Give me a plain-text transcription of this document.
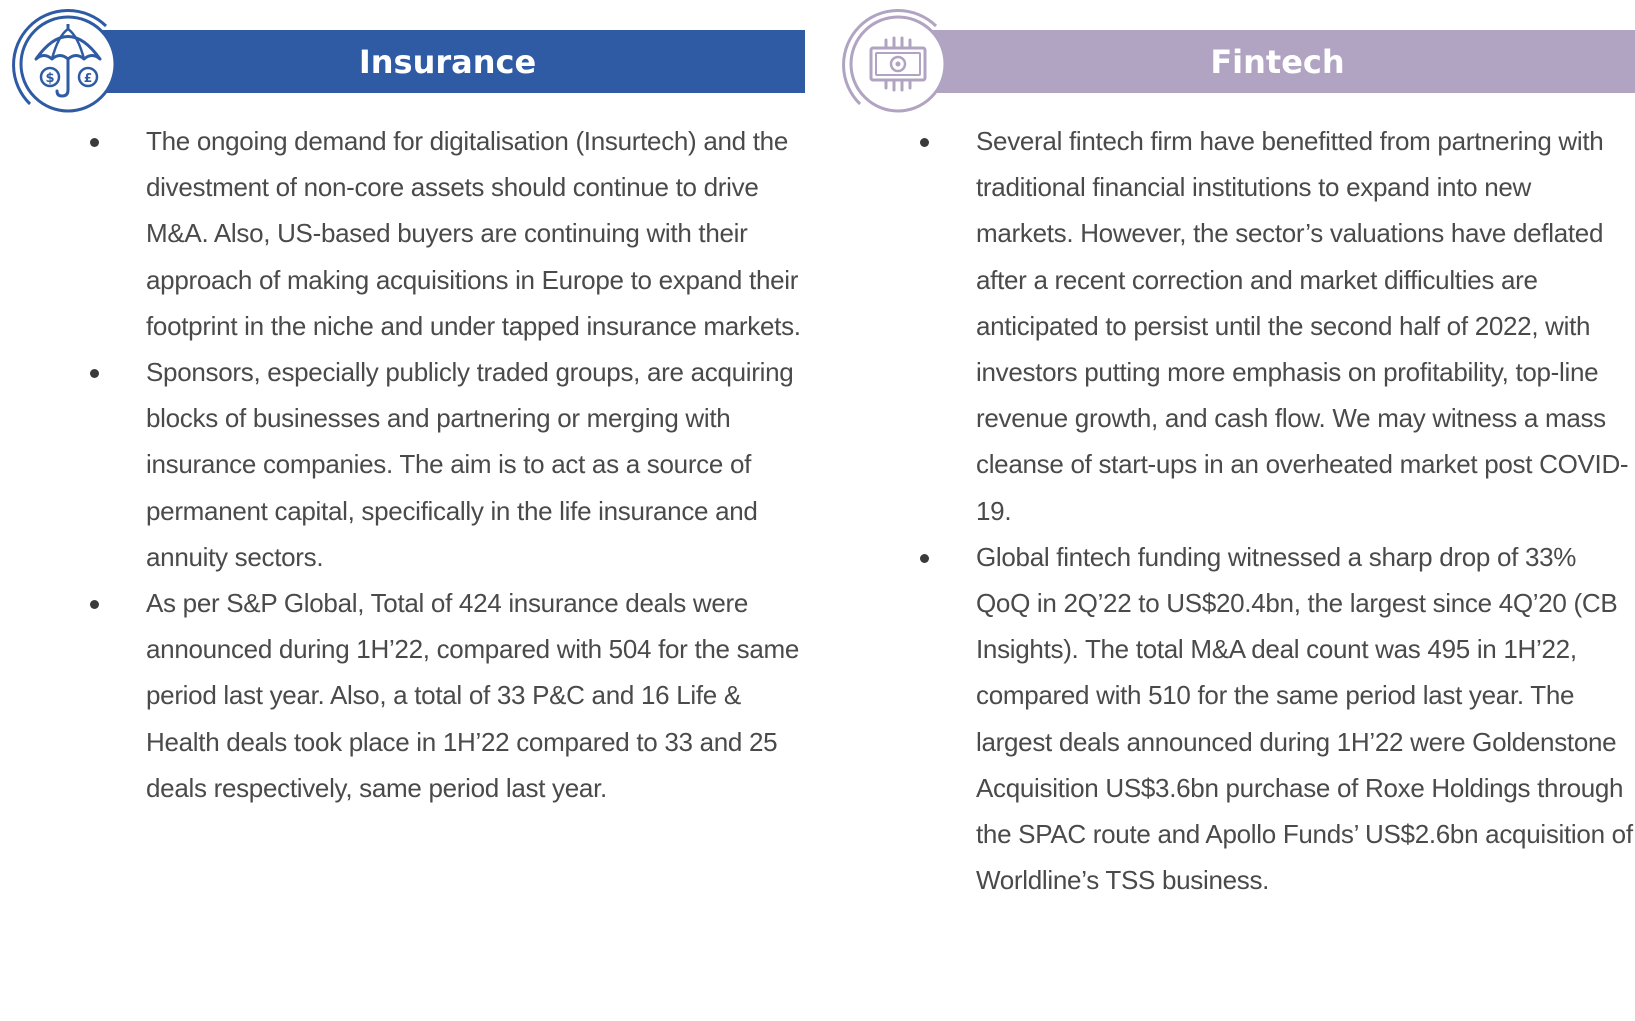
Insurance
$ £
The ongoing demand for digitalisation (Insurtech) and the divestment of non-core assets should continue to drive M&A. Also, US-based buyers are continuing with their approach of making acquisitions in Europe to expand their footprint in the niche and under tapped insurance markets.
Sponsors, especially publicly traded groups, are acquiring blocks of businesses and partnering or merging with insurance companies. The aim is to act as a source of permanent capital, specifically in the life insurance and annuity sectors.
As per S&P Global, Total of 424 insurance deals were announced during 1H’22, compared with 504 for the same period last year. Also, a total of 33 P&C and 16 Life & Health deals took place in 1H’22 compared to 33 and 25 deals respectively, same period last year.
Fintech
Several fintech firm have benefitted from partnering with traditional financial institutions to expand into new markets. However, the sector’s valuations have deflated after a recent correction and market difficulties are anticipated to persist until the second half of 2022, with investors putting more emphasis on profitability, top-line revenue growth, and cash flow. We may witness a mass cleanse of start-ups in an overheated market post COVID-19.
Global fintech funding witnessed a sharp drop of 33% QoQ in 2Q’22 to US$20.4bn, the largest since 4Q’20 (CB Insights). The total M&A deal count was 495 in 1H’22, compared with 510 for the same period last year. The largest deals announced during 1H’22 were Goldenstone Acquisition US$3.6bn purchase of Roxe Holdings through the SPAC route and Apollo Funds’ US$2.6bn acquisition of Worldline’s TSS business.
